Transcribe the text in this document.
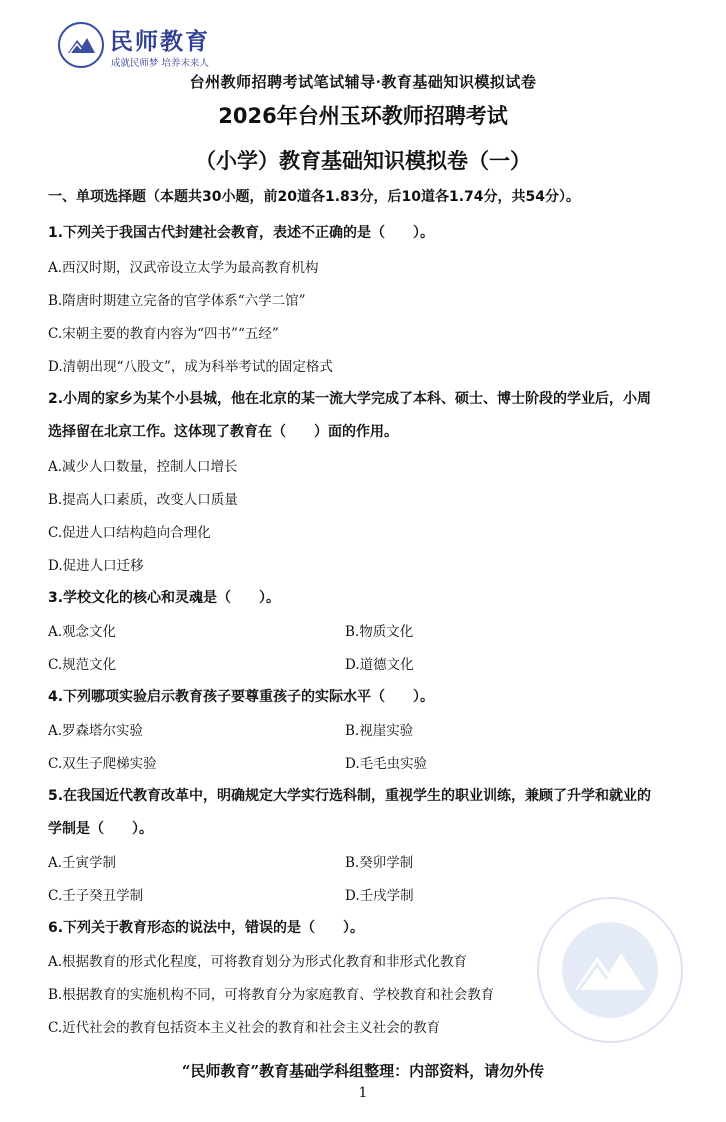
民师教育
成就民师梦 培养未来人
台州教师招聘考试笔试辅导·教育基础知识模拟试卷
2026年台州玉环教师招聘考试
（小学）教育基础知识模拟卷（一）
一、单项选择题（本题共30小题，前20道各1.83分，后10道各1.74分，共54分）。
1.下列关于我国古代封建社会教育，表述不正确的是（　　）。
A.西汉时期，汉武帝设立太学为最高教育机构
B.隋唐时期建立完备的官学体系“六学二馆”
C.宋朝主要的教育内容为“四书”“五经”
D.清朝出现“八股文”，成为科举考试的固定格式
2.小周的家乡为某个小县城，他在北京的某一流大学完成了本科、硕士、博士阶段的学业后，小周
选择留在北京工作。这体现了教育在（　　）面的作用。
A.减少人口数量，控制人口增长
B.提高人口素质，改变人口质量
C.促进人口结构趋向合理化
D.促进人口迁移
3.学校文化的核心和灵魂是（　　）。
A.观念文化	B.物质文化
C.规范文化	D.道德文化
4.下列哪项实验启示教育孩子要尊重孩子的实际水平（　　）。
A.罗森塔尔实验	B.视崖实验
C.双生子爬梯实验	D.毛毛虫实验
5.在我国近代教育改革中，明确规定大学实行选科制，重视学生的职业训练，兼顾了升学和就业的
学制是（　　）。
A.壬寅学制	B.癸卯学制
C.壬子癸丑学制	D.壬戌学制
6.下列关于教育形态的说法中，错误的是（　　）。
A.根据教育的形式化程度，可将教育划分为形式化教育和非形式化教育
B.根据教育的实施机构不同，可将教育分为家庭教育、学校教育和社会教育
C.近代社会的教育包括资本主义社会的教育和社会主义社会的教育
“民师教育”教育基础学科组整理：内部资料，请勿外传
1
